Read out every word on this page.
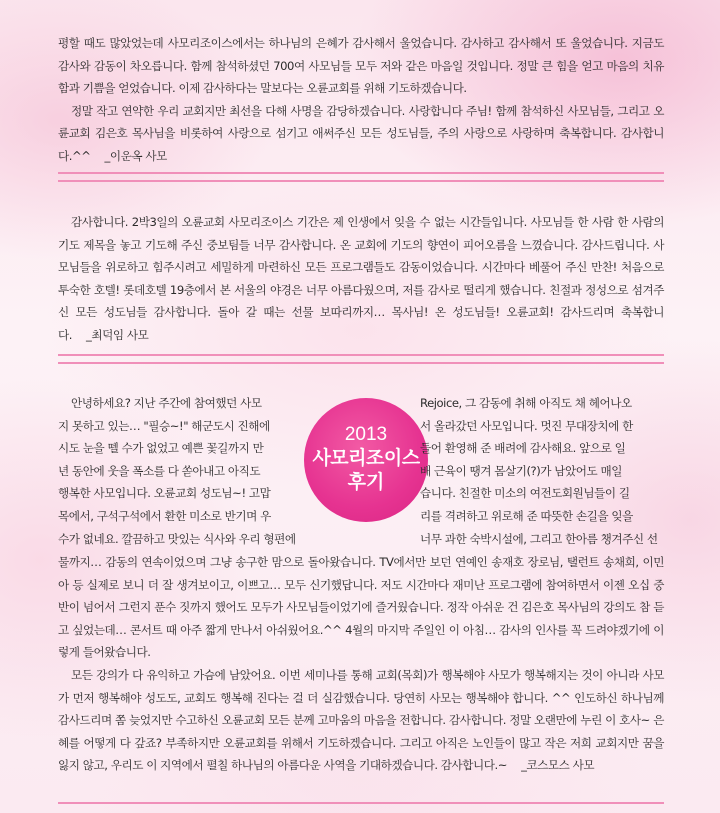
평할 때도 많았었는데 사모리조이스에서는 하나님의 은혜가 감사해서 울었습니다. 감사하고 감사해서 또 울었습니다. 지금도 감사와 감동이 차오릅니다. 함께 참석하셨던 700여 사모님들 모두 저와 같은 마음일 것입니다. 정말 큰 힘을 얻고 마음의 치유함과 기쁨을 얻었습니다. 이제 감사하다는 말보다는 오륜교회를 위해 기도하겠습니다.

정말 작고 연약한 우리 교회지만 최선을 다해 사명을 감당하겠습니다. 사랑합니다 주님! 함께 참석하신 사모님들, 그리고 오륜교회 김은호 목사님을 비롯하여 사랑으로 섬기고 애써주신 모든 성도님들, 주의 사랑으로 사랑하며 축복합니다. 감사합니다.^^ _이운옥 사모

감사합니다. 2박3일의 오륜교회 사모리조이스 기간은 제 인생에서 잊을 수 없는 시간들입니다. 사모님들 한 사람 한 사람의 기도 제목을 놓고 기도해 주신 중보팀들 너무 감사합니다. 온 교회에 기도의 향연이 피어오름을 느꼈습니다. 감사드립니다. 사모님들을 위로하고 힘주시려고 세밀하게 마련하신 모든 프로그램들도 감동이었습니다. 시간마다 베풀어 주신 만찬! 처음으로 투숙한 호텔! 롯데호텔 19층에서 본 서울의 야경은 너무 아름다웠으며, 저를 감사로 떨리게 했습니다. 친절과 정성으로 섬겨주신 모든 성도님들 감사합니다. 돌아 갈 때는 선물 보따리까지… 목사님! 온 성도님들! 오륜교회! 감사드리며 축복합니다. _최덕임 사모

2013
사모리조이스
후기
안녕하세요? 지난 주간에 참여했던 사모
지 못하고 있는… "필승~!" 해군도시 진해에
시도 눈을 뗄 수가 없었고 예쁜 꽃길까지 만
년 동안에 웃을 폭소를 다 쏟아내고 아직도
행복한 사모입니다. 오륜교회 성도님~! 고맙
목에서, 구석구석에서 환한 미소로 반기며 우
Rejoice, 그 감동에 취해 아직도 채 헤어나오
서 올라갔던 사모입니다. 멋진 무대장치에 한
들어 환영해 준 배려에 감사해요. 앞으로 일
배 근육이 땡겨 몸살기(?)가 남았어도 매일
습니다. 친절한 미소의 여전도회원님들이 길
리를 격려하고 위로해 준 따뜻한 손길을 잊을
수가 없네요. 깔끔하고 맛있는 식사와 우리 형편에	너무 과한 숙박시설에, 그리고 한아름 챙겨주신 선

물까지… 감동의 연속이었으며 그냥 송구한 맘으로 돌아왔습니다. TV에서만 보던 연예인 송재호 장로님, 탤런트 송채희, 이민아 등 실제로 보니 더 잘 생겨보이고, 이쁘고… 모두 신기했답니다. 저도 시간마다 재미난 프로그램에 참여하면서 이젠 오십 중반이 넘어서 그런지 푼수 짓까지 했어도 모두가 사모님들이었기에 즐거웠습니다. 정작 아쉬운 건 김은호 목사님의 강의도 참 듣고 싶었는데… 콘서트 때 아주 짧게 만나서 아쉬웠어요.^^ 4월의 마지막 주일인 이 아침… 감사의 인사를 꼭 드려야겠기에 이렇게 들어왔습니다.

모든 강의가 다 유익하고 가슴에 남았어요. 이번 세미나를 통해 교회(목회)가 행복해야 사모가 행복해지는 것이 아니라 사모가 먼저 행복해야 성도도, 교회도 행복해 진다는 걸 더 실감했습니다. 당연히 사모는 행복해야 합니다. ^^ 인도하신 하나님께 감사드리며 쫌 늦었지만 수고하신 오륜교회 모든 분께 고마움의 마음을 전합니다. 감사합니다. 정말 오랜만에 누린 이 호사~ 은혜를 어떻게 다 갚죠? 부족하지만 오륜교회를 위해서 기도하겠습니다. 그리고 아직은 노인들이 많고 작은 저희 교회지만 꿈을 잃지 않고, 우리도 이 지역에서 펼칠 하나님의 아름다운 사역을 기대하겠습니다. 감사합니다.~ _코스모스 사모
